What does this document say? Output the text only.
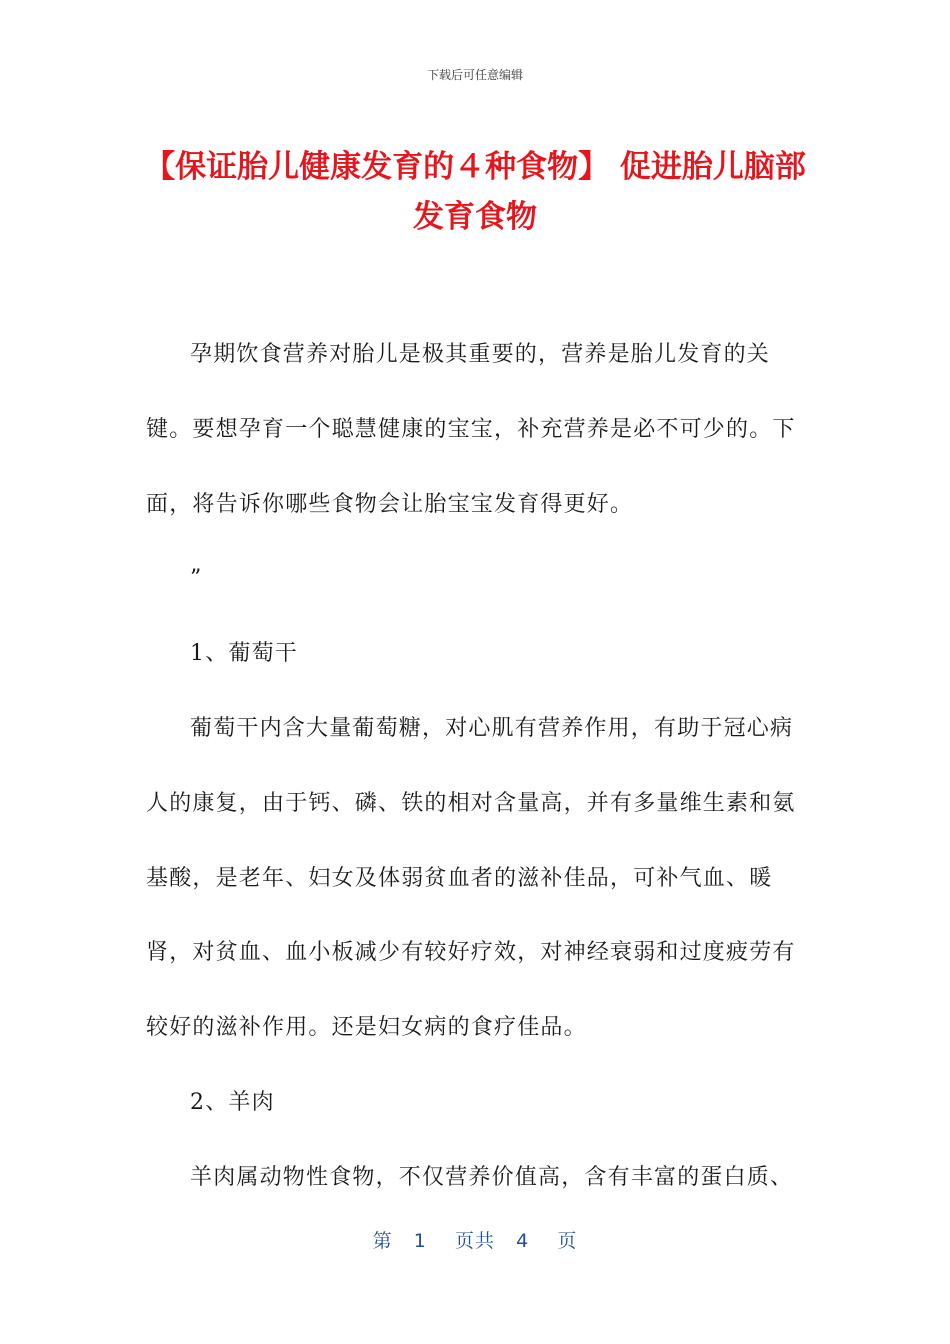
下载后可任意编辑
【保证胎儿健康发育的４种食物】 促进胎儿脑部发育食物

孕期饮食营养对胎儿是极其重要的，营养是胎儿发育的关键。要想孕育一个聪慧健康的宝宝，补充营养是必不可少的。下面，将告诉你哪些食物会让胎宝宝发育得更好。

”

1、葡萄干

葡萄干内含大量葡萄糖，对心肌有营养作用，有助于冠心病人的康复，由于钙、磷、铁的相对含量高，并有多量维生素和氨基酸，是老年、妇女及体弱贫血者的滋补佳品，可补气血、暖肾，对贫血、血小板减少有较好疗效，对神经衰弱和过度疲劳有较好的滋补作用。还是妇女病的食疗佳品。

2、羊肉

羊肉属动物性食物，不仅营养价值高，含有丰富的蛋白质、

第 1 页共 4 页
